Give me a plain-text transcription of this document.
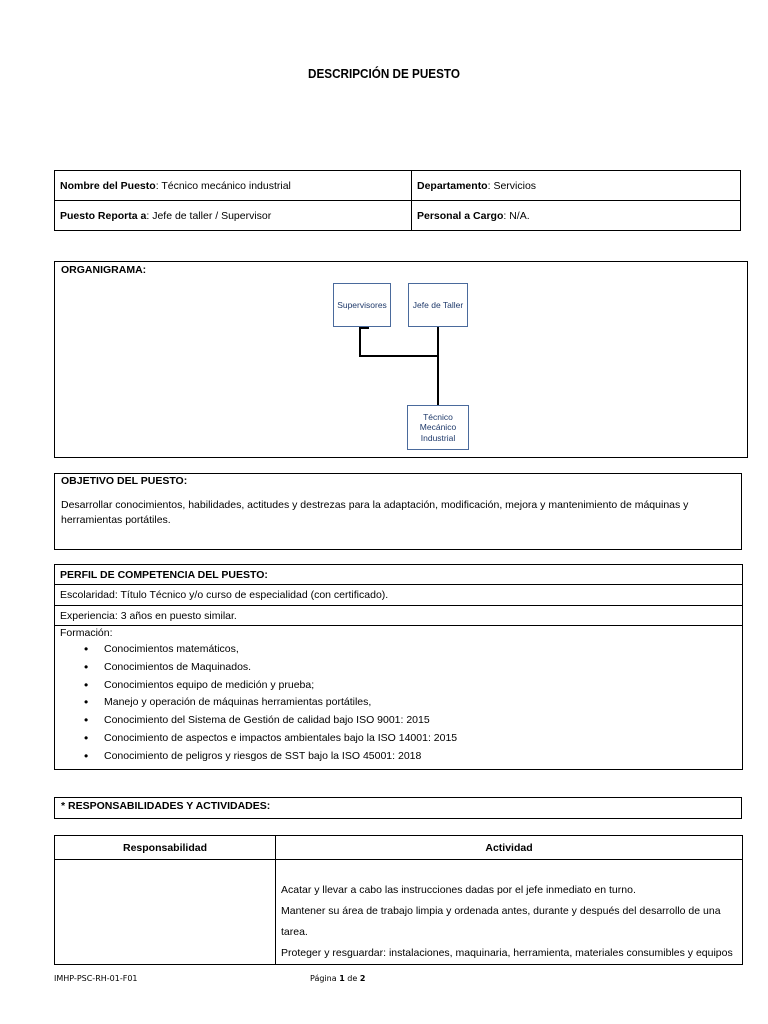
DESCRIPCIÓN DE PUESTO
Nombre del Puesto: Técnico mecánico industrial	Departamento: Servicios
Puesto Reporta a: Jefe de taller / Supervisor	Personal a Cargo: N/A.
ORGANIGRAMA:
Supervisores	Jefe de Taller
Técnico
Mecánico
Industrial
OBJETIVO DEL PUESTO:
Desarrollar conocimientos, habilidades, actitudes y destrezas para la adaptación, modificación, mejora y mantenimiento de máquinas y herramientas portátiles.
PERFIL DE COMPETENCIA DEL PUESTO:
Escolaridad: Título Técnico y/o curso de especialidad (con certificado).
Experiencia: 3 años en puesto similar.

Formación:
• Conocimientos matemáticos,
• Conocimientos de Maquinados.
• Conocimientos equipo de medición y prueba;
• Manejo y operación de máquinas herramientas portátiles,
• Conocimiento del Sistema de Gestión de calidad bajo ISO 9001: 2015
• Conocimiento de aspectos e impactos ambientales bajo la ISO 14001: 2015
• Conocimiento de peligros y riesgos de SST bajo la ISO 45001: 2018
* RESPONSABILIDADES Y ACTIVIDADES:
Responsabilidad	Actividad

	Acatar y llevar a cabo las instrucciones dadas por el jefe inmediato en turno.
Mantener su área de trabajo limpia y ordenada antes, durante y después del desarrollo de una tarea.
Proteger y resguardar: instalaciones, maquinaria, herramienta, materiales consumibles y equipos
IMHP-PSC-RH-01-F01	Página 1 de 2
